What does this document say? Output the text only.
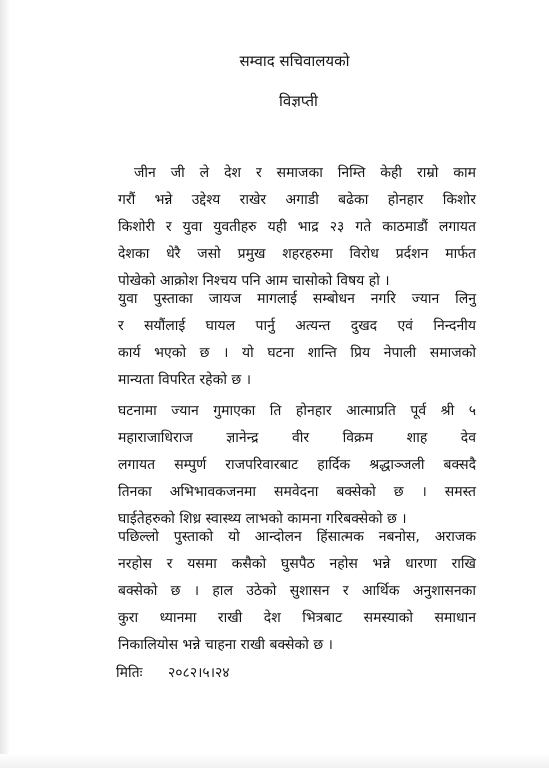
सम्वाद सचिवालयको
विज्ञप्ती
जीन जी ले देश र समाजका निम्ति केही राम्रो काम
गरौं भन्ने उद्देश्य राखेर अगाडी बढेका होनहार किशोर
किशोरी र युवा युवतीहरु यही भाद्र २३ गते काठमाडौं लगायत
देशका धेरै जसो प्रमुख शहरहरुमा विरोध प्रर्दशन मार्फत
पोखेको आक्रोश निश्चय पनि आम चासोको विषय हो ।
युवा पुस्ताका जायज मागलाई सम्बोधन नगरि ज्यान लिनु
र सयौंलाई घायल पार्नु अत्यन्त दुखद एवं निन्दनीय
कार्य भएको छ । यो घटना शान्ति प्रिय नेपाली समाजको
मान्यता विपरित रहेको छ ।
घटनामा ज्यान गुमाएका ति होनहार आत्माप्रति पूर्व श्री ५
महाराजाधिराज ज्ञानेन्द्र वीर विक्रम शाह देव
लगायत सम्पुर्ण राजपरिवारबाट हार्दिक श्रद्धाञ्जली बक्सदै
तिनका अभिभावकजनमा समवेदना बक्सेको छ । समस्त
घाईतेहरुको शिध्र स्वास्थ्य लाभको कामना गरिबक्सेको छ ।
पछिल्लो पुस्ताको यो आन्दोलन हिंसात्मक नबनोस, अराजक
नरहोस र यसमा कसैको घुसपैठ नहोस भन्ने धारणा राखि
बक्सेको छ । हाल उठेको सुशासन र आर्थिक अनुशासनका
कुरा ध्यानमा राखी देश भित्रबाट समस्याको समाधान
निकालियोस भन्ने चाहना राखी बक्सेको छ ।
मितिः २०८२।५।२४
